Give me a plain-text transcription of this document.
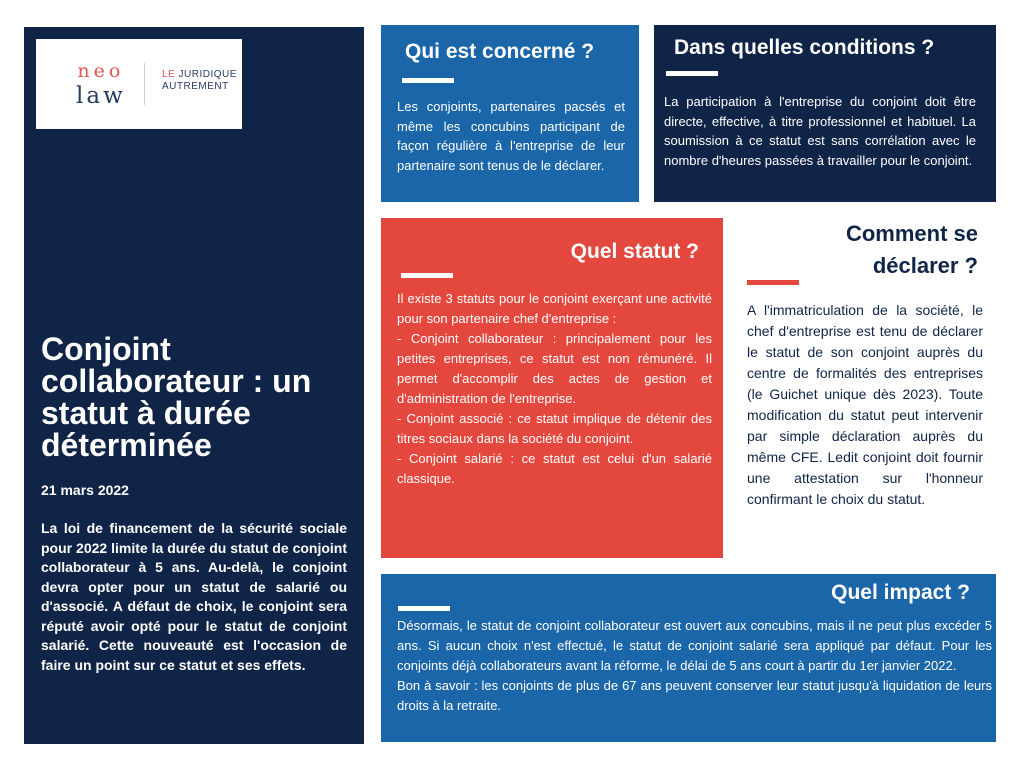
neo
law
LE JURIDIQUE
AUTREMENT
Conjoint collaborateur : un statut à durée déterminée
21 mars 2022

La loi de financement de la sécurité sociale pour 2022 limite la durée du statut de conjoint collaborateur à 5 ans. Au-delà, le conjoint devra opter pour un statut de salarié ou d'associé. A défaut de choix, le conjoint sera réputé avoir opté pour le statut de conjoint salarié. Cette nouveauté est l'occasion de faire un point sur ce statut et ses effets.

Qui est concerné ?

Les conjoints, partenaires pacsés et même les concubins participant de façon régulière à l'entreprise de leur partenaire sont tenus de le déclarer.

Dans quelles conditions ?

La participation à l'entreprise du conjoint doit être directe, effective, à titre professionnel et habituel. La soumission à ce statut est sans corrélation avec le nombre d'heures passées à travailler pour le conjoint.

Quel statut ?
Il existe 3 statuts pour le conjoint exerçant une activité pour son partenaire chef d'entreprise :
- Conjoint collaborateur : principalement pour les petites entreprises, ce statut est non rémunéré. Il permet d'accomplir des actes de gestion et d'administration de l'entreprise.
- Conjoint associé : ce statut implique de détenir des titres sociaux dans la société du conjoint.
- Conjoint salarié : ce statut est celui d'un salarié classique.
Comment se
déclarer ?

A l'immatriculation de la société, le chef d'entreprise est tenu de déclarer le statut de son conjoint auprès du centre de formalités des entreprises (le Guichet unique dès 2023). Toute modification du statut peut intervenir par simple déclaration auprès du même CFE. Ledit conjoint doit fournir une attestation sur l'honneur confirmant le choix du statut.

Quel impact ?
Désormais, le statut de conjoint collaborateur est ouvert aux concubins, mais il ne peut plus excéder 5 ans. Si aucun choix n'est effectué, le statut de conjoint salarié sera appliqué par défaut. Pour les conjoints déjà collaborateurs avant la réforme, le délai de 5 ans court à partir du 1er janvier 2022.
Bon à savoir : les conjoints de plus de 67 ans peuvent conserver leur statut jusqu'à liquidation de leurs droits à la retraite.
